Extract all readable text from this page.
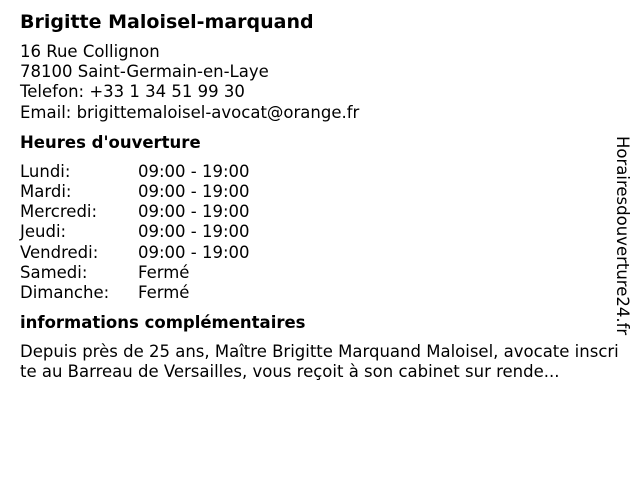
Brigitte Maloisel-marquand
16 Rue Collignon
78100 Saint-Germain-en-Laye
Telefon: +33 1 34 51 99 30
Email: brigittemaloisel-avocat@orange.fr
Heures d'ouverture
Lundi:	09:00 - 19:00
Mardi:	09:00 - 19:00
Mercredi: 09:00 - 19:00
Jeudi:	09:00 - 19:00
Vendredi: 09:00 - 19:00
Samedi:	Fermé
Dimanche: Fermé
informations complémentaires
Depuis près de 25 ans, Maître Brigitte Marquand Maloisel, avocate inscrite au Barreau de Versailles, vous reçoit à son cabinet sur rende...
Horairesdouverture24.fr
